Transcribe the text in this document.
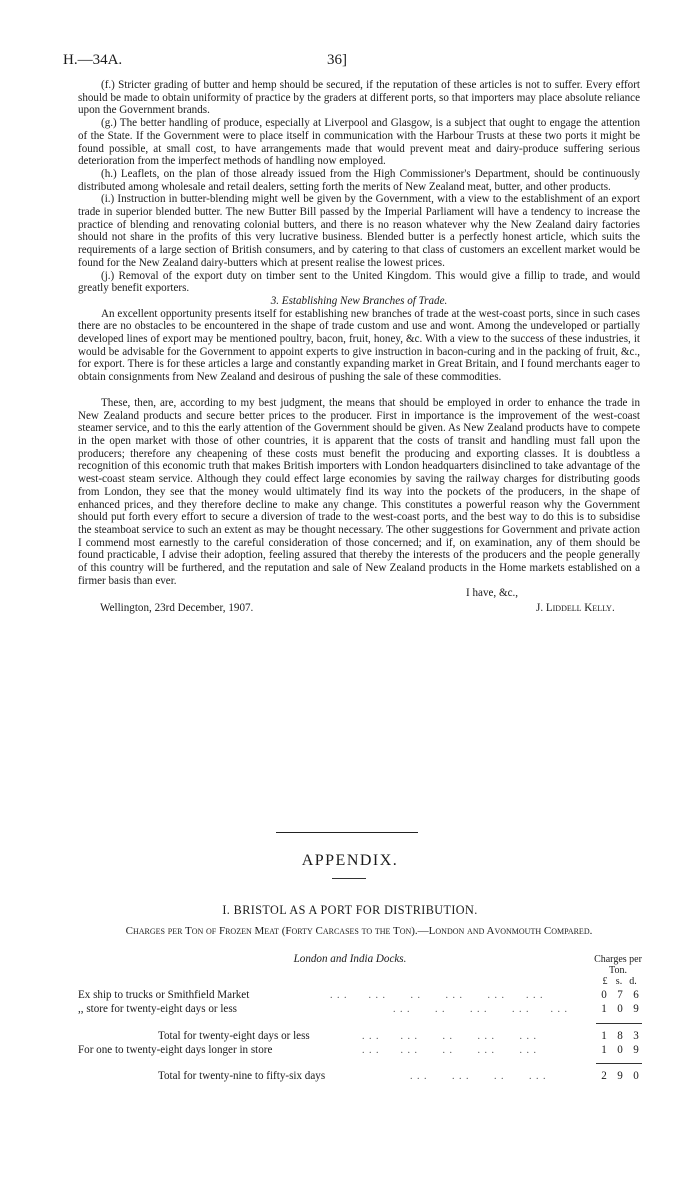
H.—34A.	36]

(f.) Stricter grading of butter and hemp should be secured, if the reputation of these articles is not to suffer. Every effort should be made to obtain uniformity of practice by the graders at different ports, so that importers may place absolute reliance upon the Government brands.

(g.) The better handling of produce, especially at Liverpool and Glasgow, is a subject that ought to engage the attention of the State. If the Government were to place itself in communication with the Harbour Trusts at these two ports it might be found possible, at small cost, to have arrangements made that would prevent meat and dairy-produce suffering serious deterioration from the imperfect methods of handling now employed.

(h.) Leaflets, on the plan of those already issued from the High Commissioner's Department, should be continuously distributed among wholesale and retail dealers, setting forth the merits of New Zealand meat, butter, and other products.

(i.) Instruction in butter-blending might well be given by the Government, with a view to the establishment of an export trade in superior blended butter. The new Butter Bill passed by the Imperial Parliament will have a tendency to increase the practice of blending and renovating colonial butters, and there is no reason whatever why the New Zealand dairy factories should not share in the profits of this very lucrative business. Blended butter is a perfectly honest article, which suits the requirements of a large section of British consumers, and by catering to that class of customers an excellent market would be found for the New Zealand dairy-butters which at present realise the lowest prices.

(j.) Removal of the export duty on timber sent to the United Kingdom. This would give a fillip to trade, and would greatly benefit exporters.

3. Establishing New Branches of Trade.

An excellent opportunity presents itself for establishing new branches of trade at the west-coast ports, since in such cases there are no obstacles to be encountered in the shape of trade custom and use and wont. Among the undeveloped or partially developed lines of export may be mentioned poultry, bacon, fruit, honey, &c. With a view to the success of these industries, it would be advisable for the Government to appoint experts to give instruction in bacon-curing and in the packing of fruit, &c., for export. There is for these articles a large and constantly expanding market in Great Britain, and I found merchants eager to obtain consignments from New Zealand and desirous of pushing the sale of these commodities.

These, then, are, according to my best judgment, the means that should be employed in order to enhance the trade in New Zealand products and secure better prices to the producer. First in importance is the improvement of the west-coast steamer service, and to this the early attention of the Government should be given. As New Zealand products have to compete in the open market with those of other countries, it is apparent that the costs of transit and handling must fall upon the producers; therefore any cheapening of these costs must benefit the producing and exporting classes. It is doubtless a recognition of this economic truth that makes British importers with London headquarters disinclined to take advantage of the west-coast steam service. Although they could effect large economies by saving the railway charges for distributing goods from London, they see that the money would ultimately find its way into the pockets of the producers, in the shape of enhanced prices, and they therefore decline to make any change. This constitutes a powerful reason why the Government should put forth every effort to secure a diversion of trade to the west-coast ports, and the best way to do this is to subsidise the steamboat service to such an extent as may be thought necessary. The other suggestions for Government and private action I commend most earnestly to the careful consideration of those concerned; and if, on examination, any of them should be found practicable, I advise their adoption, feeling assured that thereby the interests of the producers and the people generally of this country will be furthered, and the reputation and sale of New Zealand products in the Home markets established on a firmer basis than ever.

I have, &c.,
Wellington, 23rd December, 1907.	J. Liddell Kelly.
APPENDIX.
I. BRISTOL AS A PORT FOR DISTRIBUTION.
Charges per Ton of Frozen Meat (Forty Carcases to the Ton).—London and Avonmouth Compared.
London and India Docks.	Charges per Ton.
£ s. d.
Ex ship to trucks or Smithfield Market	. . .      . . .       . .       . . .       . . .      . . .	0 7 6
,, store for twenty-eight days or less	. . .       . .       . . .       . . .      . . .	1 0 9
Total for twenty-eight days or less	. . .      . . .       . .       . . .       . . .	1 8 3
For one to twenty-eight days longer in store	. . .      . . .       . .       . . .       . . .	1 0 9
Total for twenty-nine to fifty-six days	. . .       . . .       . .       . . .	2 9 0
